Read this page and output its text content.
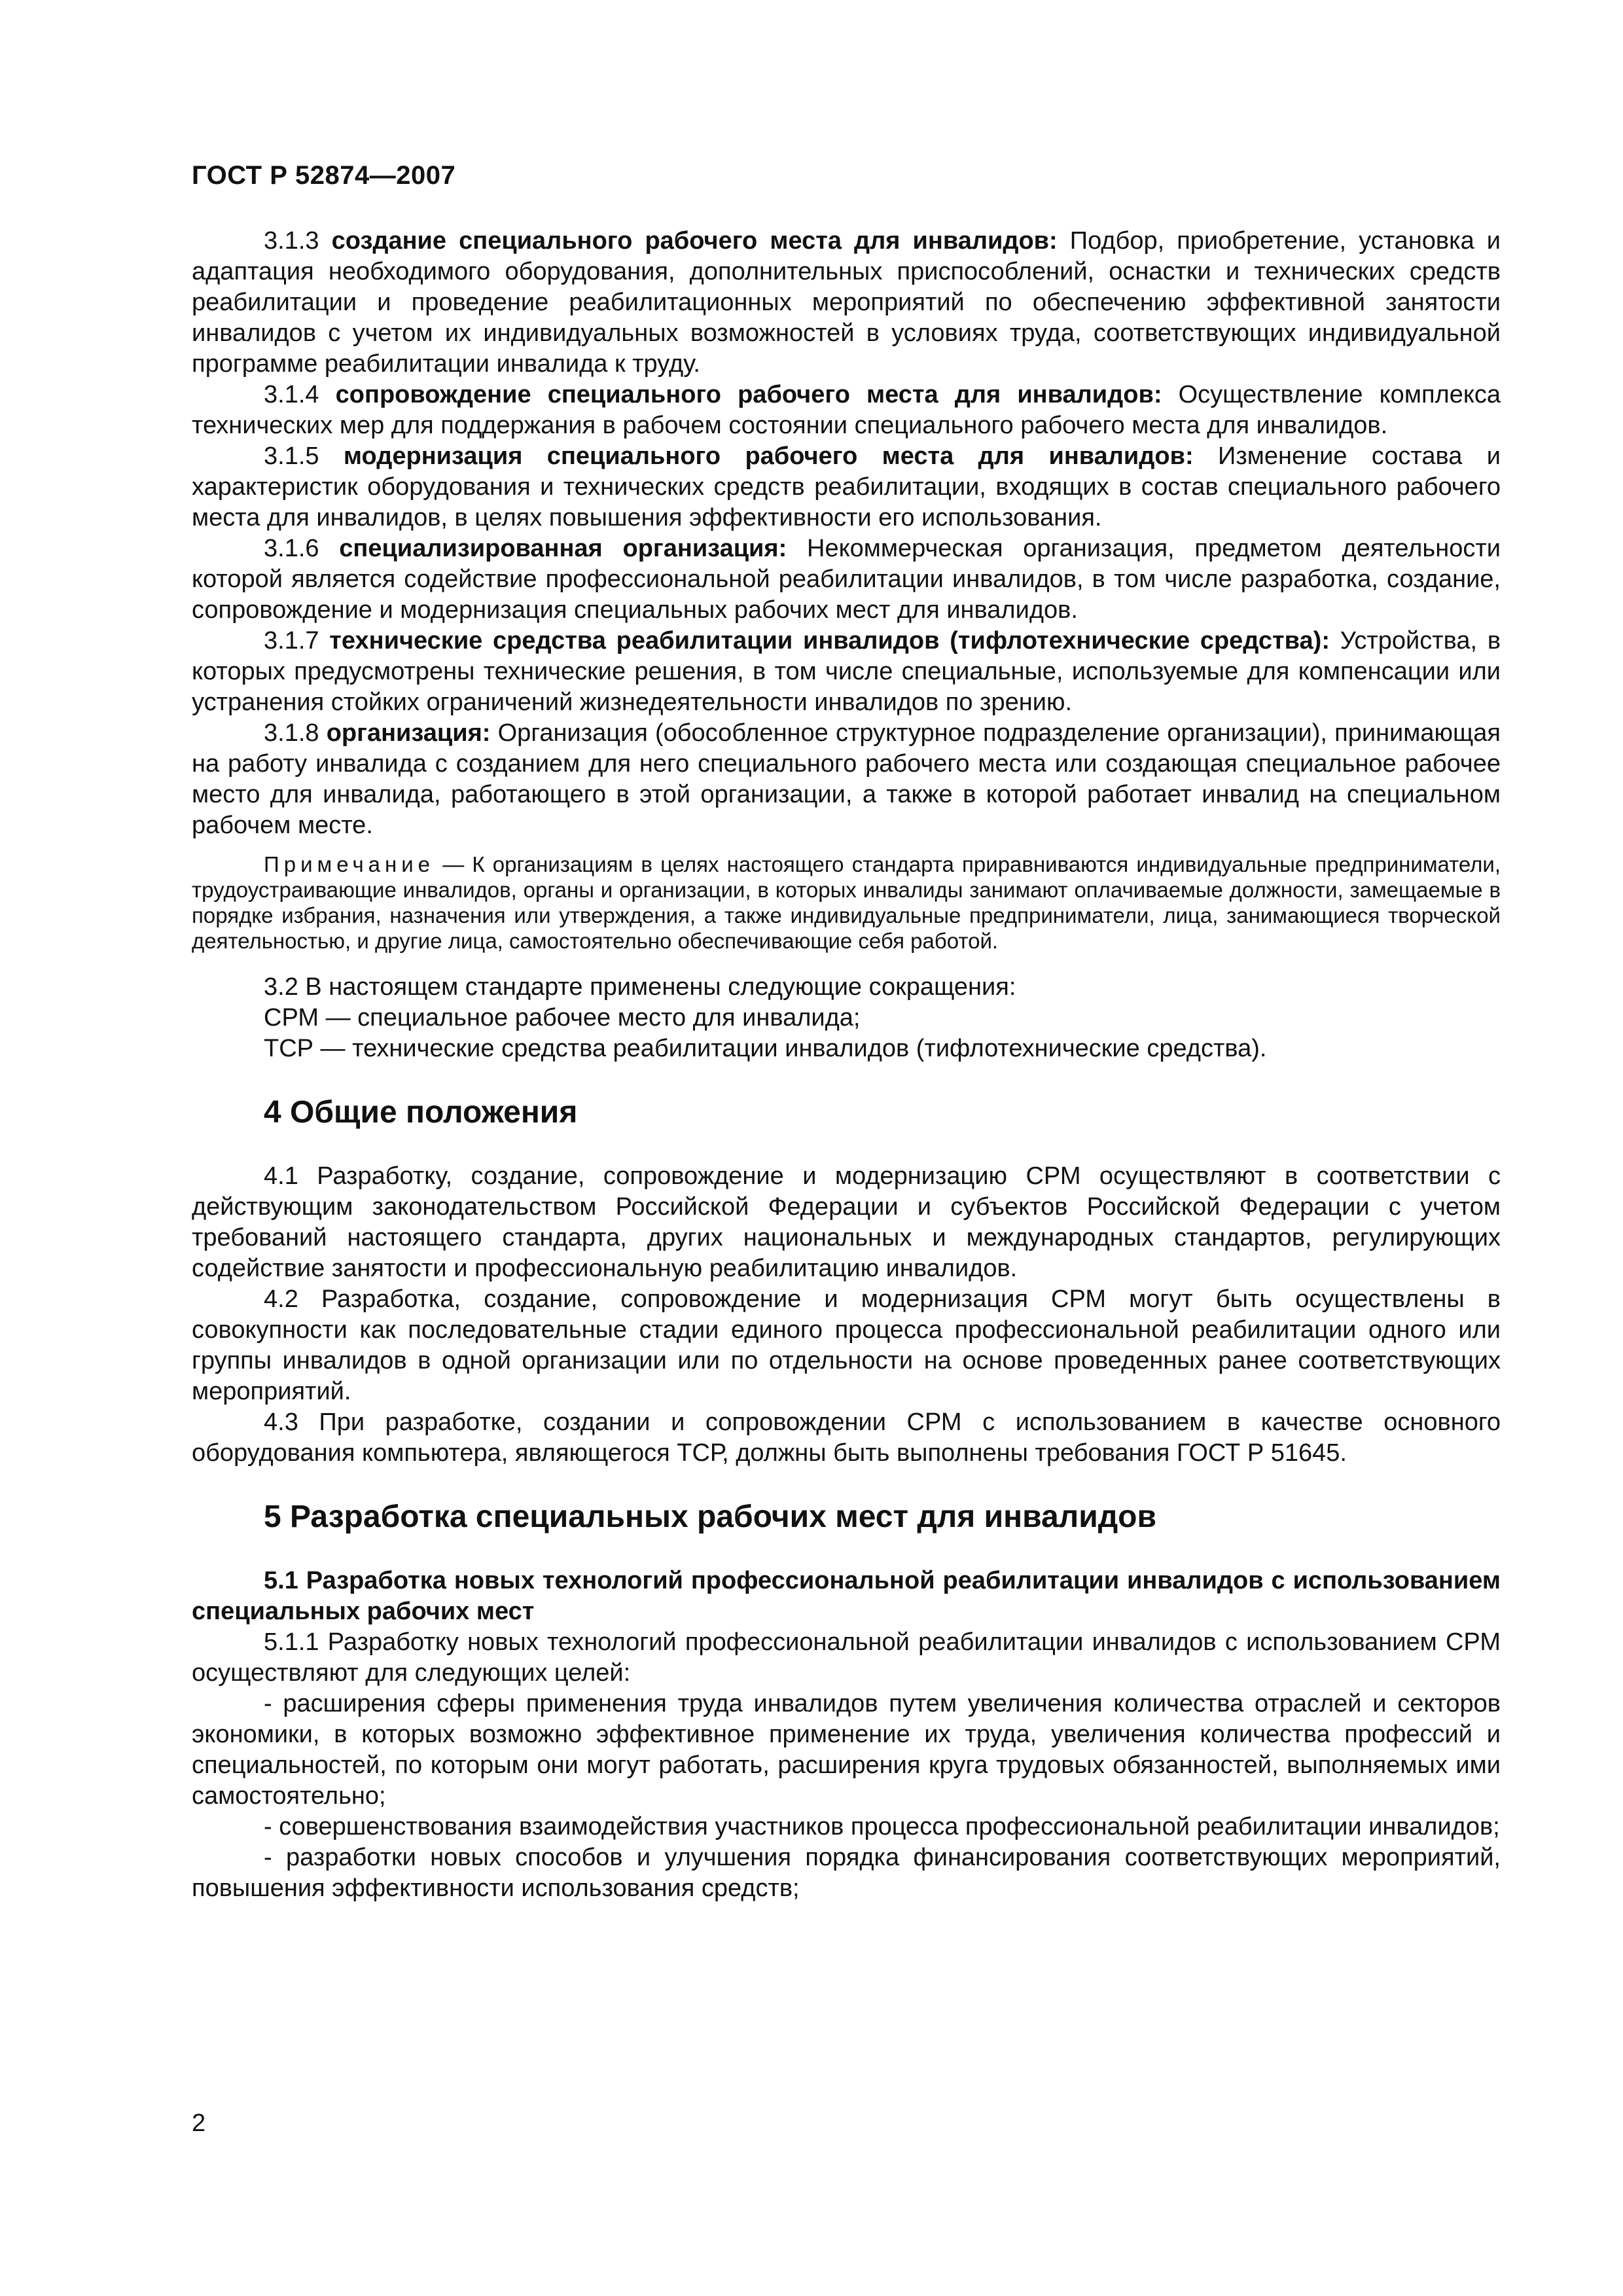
ГОСТ Р 52874—2007

3.1.3 создание специального рабочего места для инвалидов: Подбор, приобретение, установка и адаптация необходимого оборудования, дополнительных приспособлений, оснастки и технических средств реабилитации и проведение реабилитационных мероприятий по обеспечению эффективной занятости инвалидов с учетом их индивидуальных возможностей в условиях труда, соответствующих индивидуальной программе реабилитации инвалида к труду.

3.1.4 сопровождение специального рабочего места для инвалидов: Осуществление комплекса технических мер для поддержания в рабочем состоянии специального рабочего места для инвалидов.

3.1.5 модернизация специального рабочего места для инвалидов: Изменение состава и характеристик оборудования и технических средств реабилитации, входящих в состав специального рабочего места для инвалидов, в целях повышения эффективности его использования.

3.1.6 специализированная организация: Некоммерческая организация, предметом деятельности которой является содействие профессиональной реабилитации инвалидов, в том числе разработка, создание, сопровождение и модернизация специальных рабочих мест для инвалидов.

3.1.7 технические средства реабилитации инвалидов (тифлотехнические средства): Устройства, в которых предусмотрены технические решения, в том числе специальные, используемые для компенсации или устранения стойких ограничений жизнедеятельности инвалидов по зрению.

3.1.8 организация: Организация (обособленное структурное подразделение организации), принимающая на работу инвалида с созданием для него специального рабочего места или создающая специальное рабочее место для инвалида, работающего в этой организации, а также в которой работает инвалид на специальном рабочем месте.

Примечание — К организациям в целях настоящего стандарта приравниваются индивидуальные предприниматели, трудоустраивающие инвалидов, органы и организации, в которых инвалиды занимают оплачиваемые должности, замещаемые в порядке избрания, назначения или утверждения, а также индивидуальные предприниматели, лица, занимающиеся творческой деятельностью, и другие лица, самостоятельно обеспечивающие себя работой.

3.2 В настоящем стандарте применены следующие сокращения:

СРМ — специальное рабочее место для инвалида;

ТСР — технические средства реабилитации инвалидов (тифлотехнические средства).

4 Общие положения

4.1 Разработку, создание, сопровождение и модернизацию СРМ осуществляют в соответствии с действующим законодательством Российской Федерации и субъектов Российской Федерации с учетом требований настоящего стандарта, других национальных и международных стандартов, регулирующих содействие занятости и профессиональную реабилитацию инвалидов.

4.2 Разработка, создание, сопровождение и модернизация СРМ могут быть осуществлены в совокупности как последовательные стадии единого процесса профессиональной реабилитации одного или группы инвалидов в одной организации или по отдельности на основе проведенных ранее соответствующих мероприятий.

4.3 При разработке, создании и сопровождении СРМ с использованием в качестве основного оборудования компьютера, являющегося ТСР, должны быть выполнены требования ГОСТ Р 51645.

5 Разработка специальных рабочих мест для инвалидов

5.1 Разработка новых технологий профессиональной реабилитации инвалидов с использованием специальных рабочих мест

5.1.1 Разработку новых технологий профессиональной реабилитации инвалидов с использованием СРМ осуществляют для следующих целей:

- расширения сферы применения труда инвалидов путем увеличения количества отраслей и секторов экономики, в которых возможно эффективное применение их труда, увеличения количества профессий и специальностей, по которым они могут работать, расширения круга трудовых обязанностей, выполняемых ими самостоятельно;

- совершенствования взаимодействия участников процесса профессиональной реабилитации инвалидов;

- разработки новых способов и улучшения порядка финансирования соответствующих мероприятий, повышения эффективности использования средств;

2
